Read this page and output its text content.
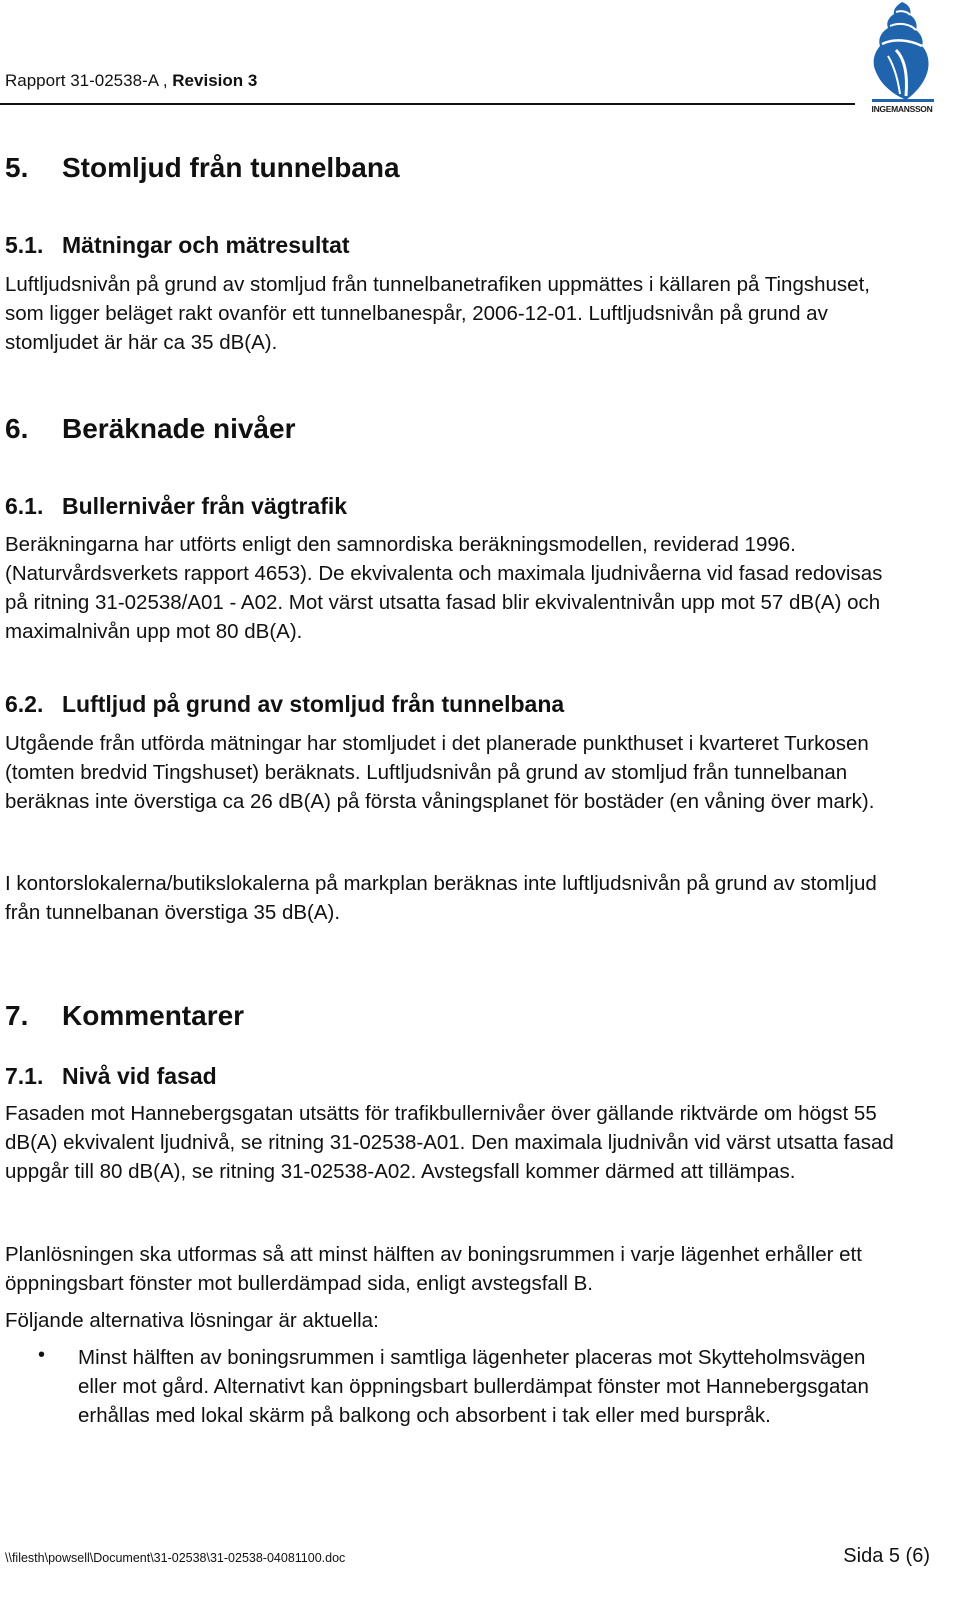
Rapport 31-02538-A , Revision 3
INGEMANSSON
5. Stomljud från tunnelbana
5.1. Mätningar och mätresultat
Luftljudsnivån på grund av stomljud från tunnelbanetrafiken uppmättes i källaren på Tingshuset, som ligger beläget rakt ovanför ett tunnelbanespår, 2006-12-01. Luftljudsnivån på grund av stomljudet är här ca 35 dB(A).
6. Beräknade nivåer
6.1. Bullernivåer från vägtrafik
Beräkningarna har utförts enligt den samnordiska beräkningsmodellen, reviderad 1996. (Naturvårdsverkets rapport 4653). De ekvivalenta och maximala ljudnivåerna vid fasad redovisas på ritning 31-02538/A01 - A02. Mot värst utsatta fasad blir ekvivalentnivån upp mot 57 dB(A) och maximalnivån upp mot 80 dB(A).
6.2. Luftljud på grund av stomljud från tunnelbana
Utgående från utförda mätningar har stomljudet i det planerade punkthuset i kvarteret Turkosen (tomten bredvid Tingshuset) beräknats. Luftljudsnivån på grund av stomljud från tunnelbanan beräknas inte överstiga ca 26 dB(A) på första våningsplanet för bostäder (en våning över mark).
I kontorslokalerna/butikslokalerna på markplan beräknas inte luftljudsnivån på grund av stomljud från tunnelbanan överstiga 35 dB(A).
7. Kommentarer
7.1. Nivå vid fasad
Fasaden mot Hannebergsgatan utsätts för trafikbullernivåer över gällande riktvärde om högst 55 dB(A) ekvivalent ljudnivå, se ritning 31-02538-A01. Den maximala ljudnivån vid värst utsatta fasad uppgår till 80 dB(A), se ritning 31-02538-A02. Avstegsfall kommer därmed att tillämpas.
Planlösningen ska utformas så att minst hälften av boningsrummen i varje lägenhet erhåller ett öppningsbart fönster mot bullerdämpad sida, enligt avstegsfall B.
Följande alternativa lösningar är aktuella:
• Minst hälften av boningsrummen i samtliga lägenheter placeras mot Skytteholmsvägen eller mot gård. Alternativt kan öppningsbart bullerdämpat fönster mot Hannebergsgatan erhållas med lokal skärm på balkong och absorbent i tak eller med burspråk.
\\filesth\powsell\Document\31-02538\31-02538-04081100.doc	Sida 5 (6)
